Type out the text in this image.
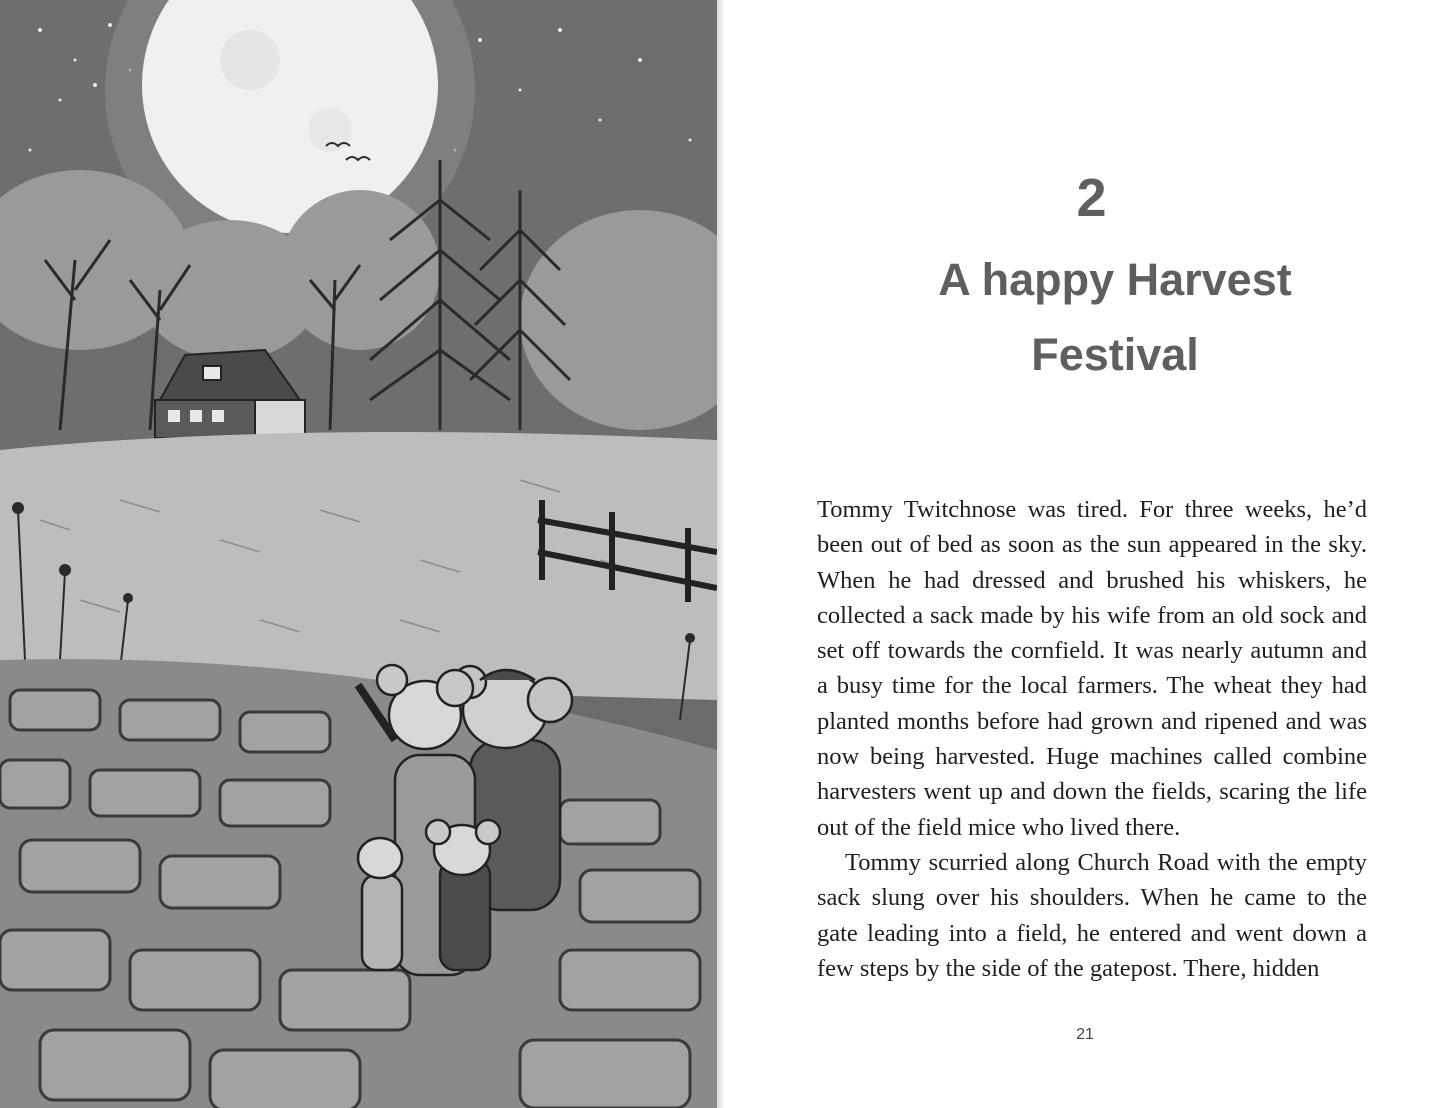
2
A happy Harvest Festival

Tommy Twitchnose was tired. For three weeks, he’d been out of bed as soon as the sun appeared in the sky. When he had dressed and brushed his whiskers, he collected a sack made by his wife from an old sock and set off towards the cornfield. It was nearly autumn and a busy time for the local farmers. The wheat they had planted months before had grown and ripened and was now being harvested. Huge machines called combine harvesters went up and down the fields, scaring the life out of the field mice who lived there.

Tommy scurried along Church Road with the empty sack slung over his shoulders. When he came to the gate leading into a field, he entered and went down a few steps by the side of the gatepost. There, hidden

21
